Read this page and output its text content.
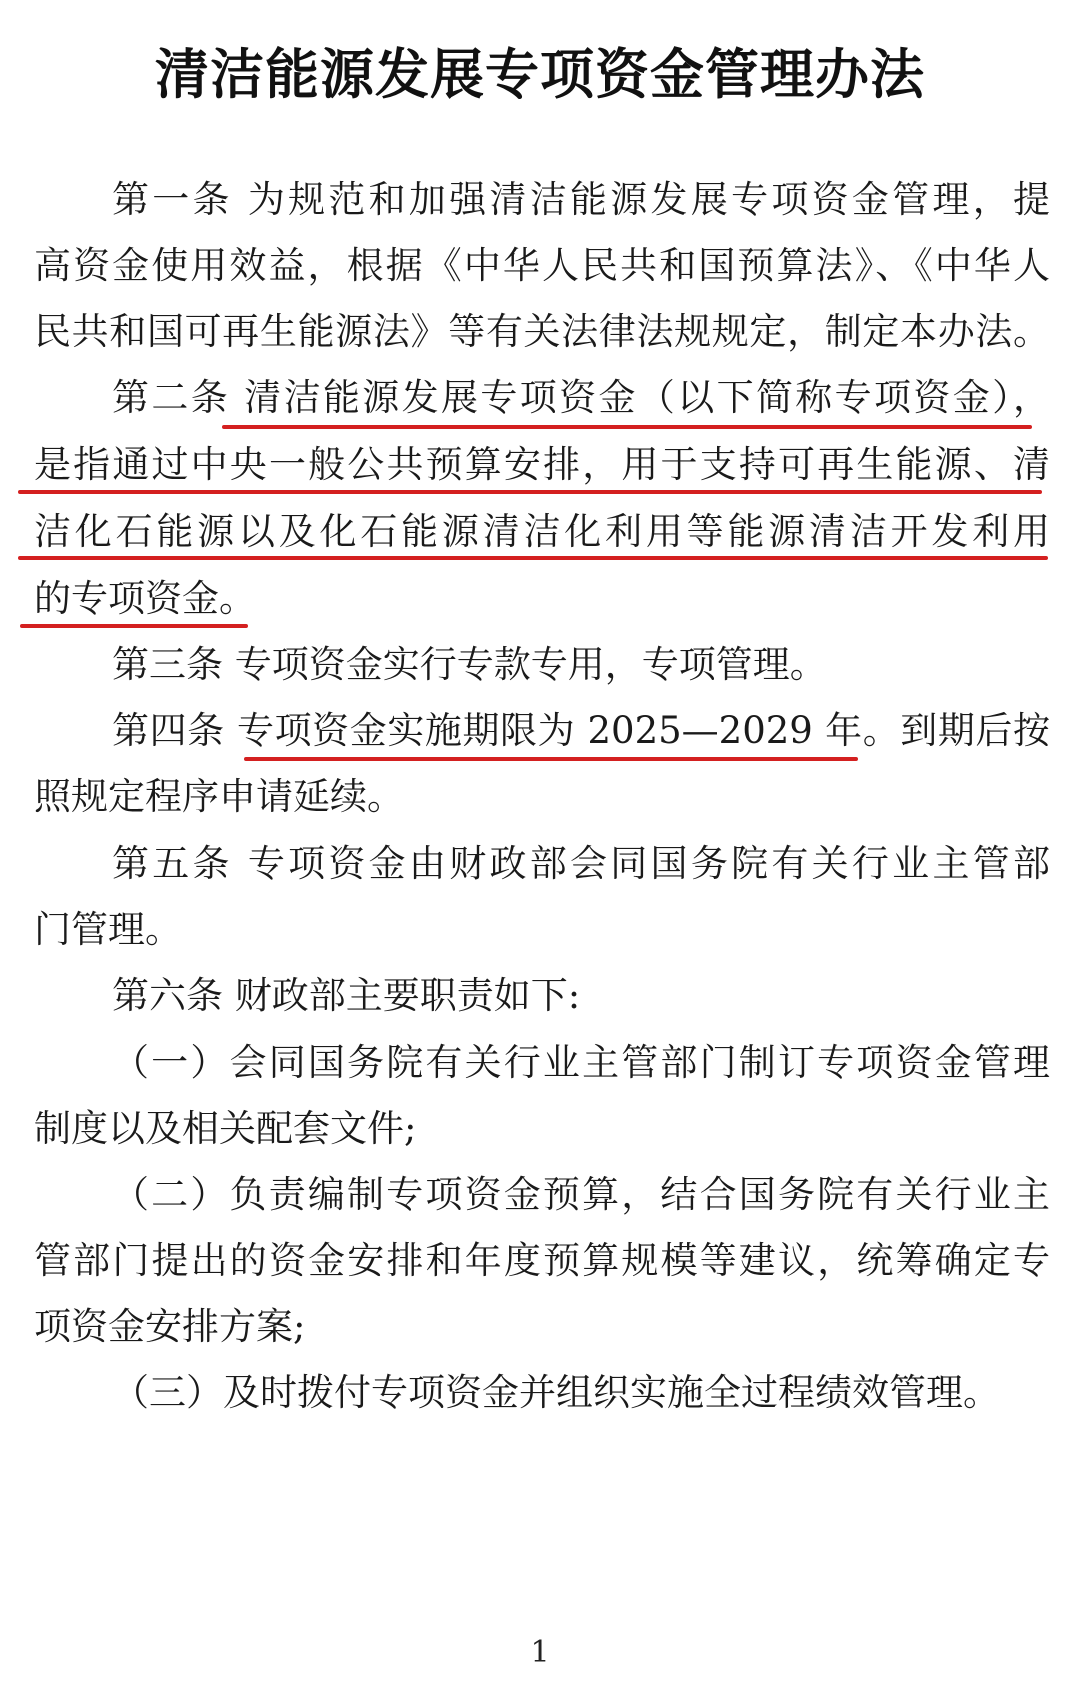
清洁能源发展专项资金管理办法
第一条 为规范和加强清洁能源发展专项资金管理，提
高资金使用效益，根据《中华人民共和国预算法》、《中华人
民共和国可再生能源法》等有关法律法规规定，制定本办法。
第二条 清洁能源发展专项资金（以下简称专项资金），
是指通过中央一般公共预算安排，用于支持可再生能源、清
洁化石能源以及化石能源清洁化利用等能源清洁开发利用
的专项资金。
第三条 专项资金实行专款专用，专项管理。
第四条 专项资金实施期限为 2025—2029 年。到期后按
照规定程序申请延续。
第五条 专项资金由财政部会同国务院有关行业主管部
门管理。
第六条 财政部主要职责如下:
（一）会同国务院有关行业主管部门制订专项资金管理
制度以及相关配套文件;
（二）负责编制专项资金预算，结合国务院有关行业主
管部门提出的资金安排和年度预算规模等建议，统筹确定专
项资金安排方案;
（三）及时拨付专项资金并组织实施全过程绩效管理。
1
